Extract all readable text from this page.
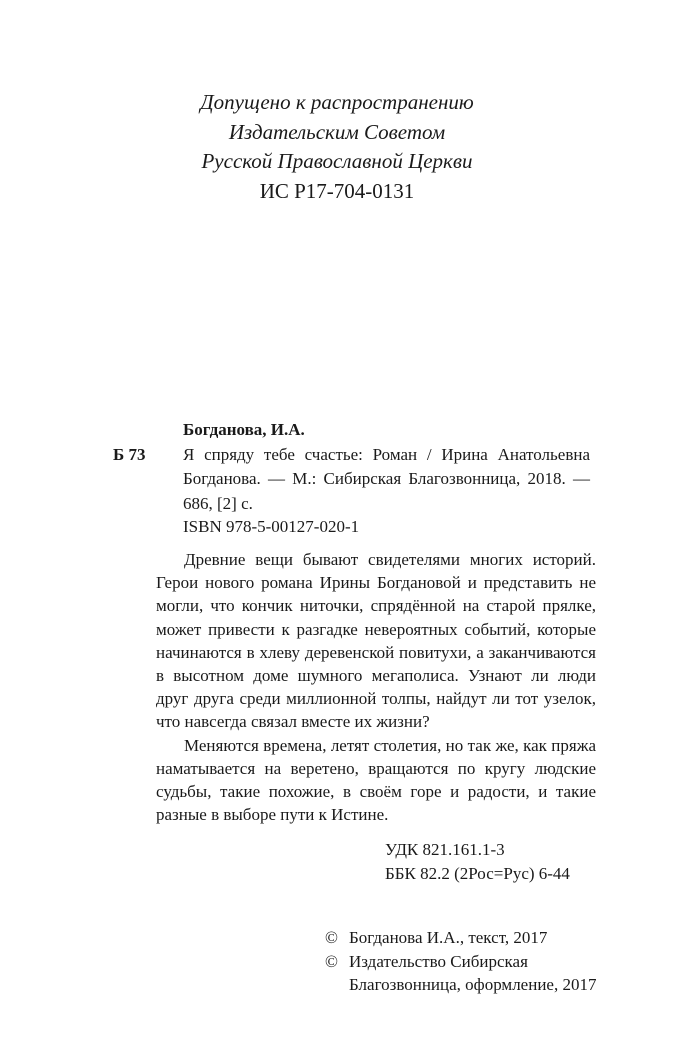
Допущено к распространению
Издательским Советом
Русской Православной Церкви
ИС Р17-704-0131
Богданова, И.А.
Б 73 Я спряду тебе счастье: Роман / Ирина Анатольевна Богданова. — М.: Сибирская Благозвонница, 2018. — 686, [2] с.
ISBN 978-5-00127-020-1

Древние вещи бывают свидетелями многих историй. Герои нового романа Ирины Богдановой и представить не могли, что кончик ниточки, спрядённой на старой прялке, может привести к разгадке невероятных событий, которые начинаются в хлеву деревенской повитухи, а заканчиваются в высотном доме шумного мегаполиса. Узнают ли люди друг друга среди миллионной толпы, найдут ли тот узелок, что навсегда связал вместе их жизни?

Меняются времена, летят столетия, но так же, как пряжа наматывается на веретено, вращаются по кругу людские судьбы, такие похожие, в своём горе и радости, и такие разные в выборе пути к Истине.

УДК 821.161.1-3
ББК 82.2 (2Рос=Рус) 6-44
© Богданова И.А., текст, 2017
© Издательство Сибирская
Благозвонница, оформление, 2017
